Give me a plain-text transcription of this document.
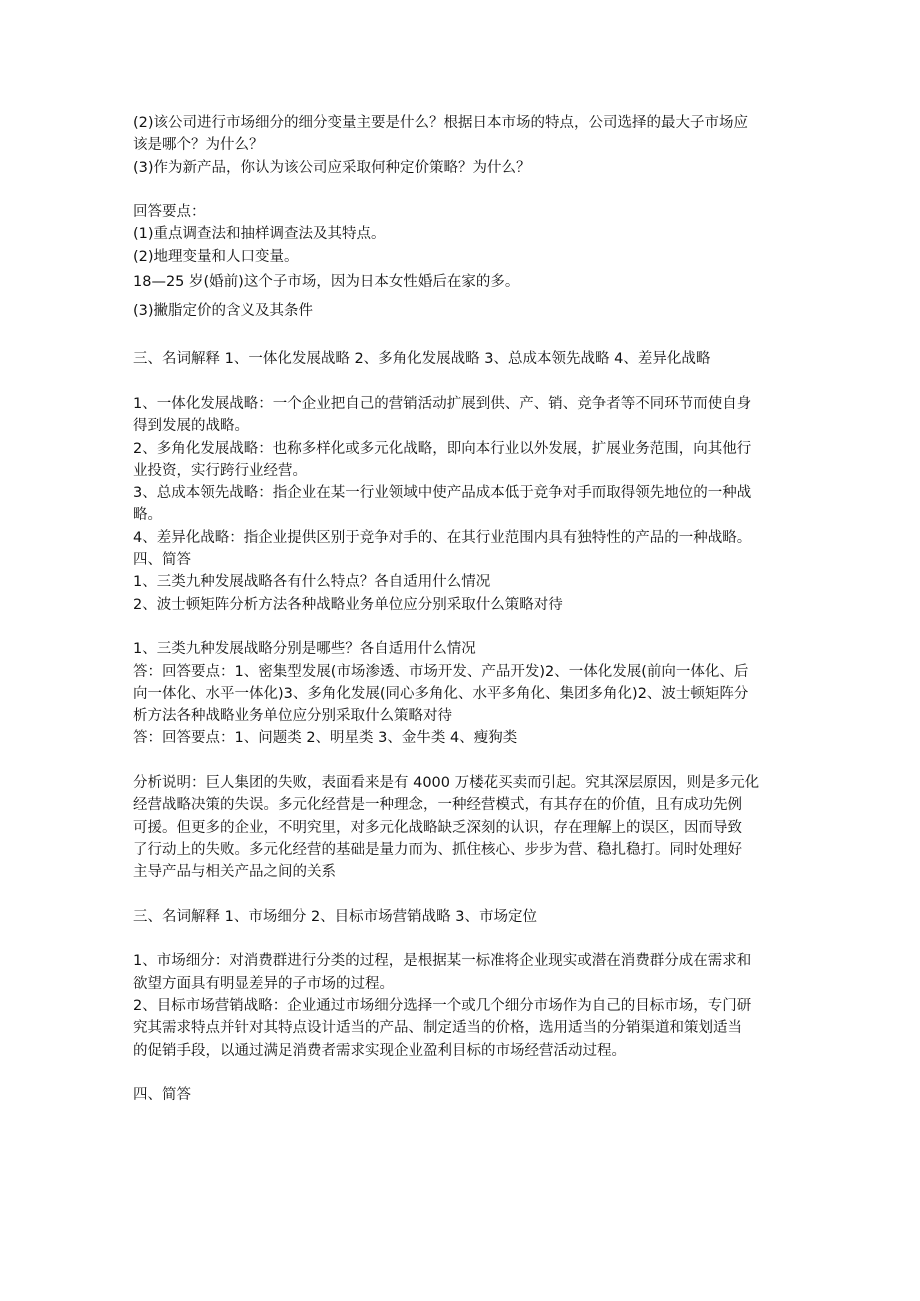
(2)该公司进行市场细分的细分变量主要是什么？根据日本市场的特点，公司选择的最大子市场应
该是哪个？为什么？
(3)作为新产品，你认为该公司应采取何种定价策略？为什么？
回答要点：
(1)重点调查法和抽样调查法及其特点。
(2)地理变量和人口变量。
18—25 岁(婚前)这个子市场，因为日本女性婚后在家的多。
(3)撇脂定价的含义及其条件
三、名词解释 1、一体化发展战略 2、多角化发展战略 3、总成本领先战略 4、差异化战略
1、一体化发展战略：一个企业把自己的营销活动扩展到供、产、销、竞争者等不同环节而使自身
得到发展的战略。
2、多角化发展战略：也称多样化或多元化战略，即向本行业以外发展，扩展业务范围，向其他行
业投资，实行跨行业经营。
3、总成本领先战略：指企业在某一行业领域中使产品成本低于竞争对手而取得领先地位的一种战
略。
4、差异化战略：指企业提供区别于竞争对手的、在其行业范围内具有独特性的产品的一种战略。
四、简答
1、三类九种发展战略各有什么特点？各自适用什么情况
2、波士顿矩阵分析方法各种战略业务单位应分别采取什么策略对待
1、三类九种发展战略分别是哪些？各自适用什么情况
答：回答要点：1、密集型发展(市场渗透、市场开发、产品开发)2、一体化发展(前向一体化、后
向一体化、水平一体化)3、多角化发展(同心多角化、水平多角化、集团多角化)2、波士顿矩阵分
析方法各种战略业务单位应分别采取什么策略对待
答：回答要点：1、问题类 2、明星类 3、金牛类 4、瘦狗类
分析说明：巨人集团的失败，表面看来是有 4000 万楼花买卖而引起。究其深层原因，则是多元化
经营战略决策的失误。多元化经营是一种理念，一种经营模式，有其存在的价值，且有成功先例
可援。但更多的企业，不明究里，对多元化战略缺乏深刻的认识，存在理解上的误区，因而导致
了行动上的失败。多元化经营的基础是量力而为、抓住核心、步步为营、稳扎稳打。同时处理好
主导产品与相关产品之间的关系
三、名词解释 1、市场细分 2、目标市场营销战略 3、市场定位
1、市场细分：对消费群进行分类的过程，是根据某一标准将企业现实或潜在消费群分成在需求和
欲望方面具有明显差异的子市场的过程。
2、目标市场营销战略：企业通过市场细分选择一个或几个细分市场作为自己的目标市场，专门研
究其需求特点并针对其特点设计适当的产品、制定适当的价格，选用适当的分销渠道和策划适当
的促销手段，以通过满足消费者需求实现企业盈利目标的市场经营活动过程。
四、简答
